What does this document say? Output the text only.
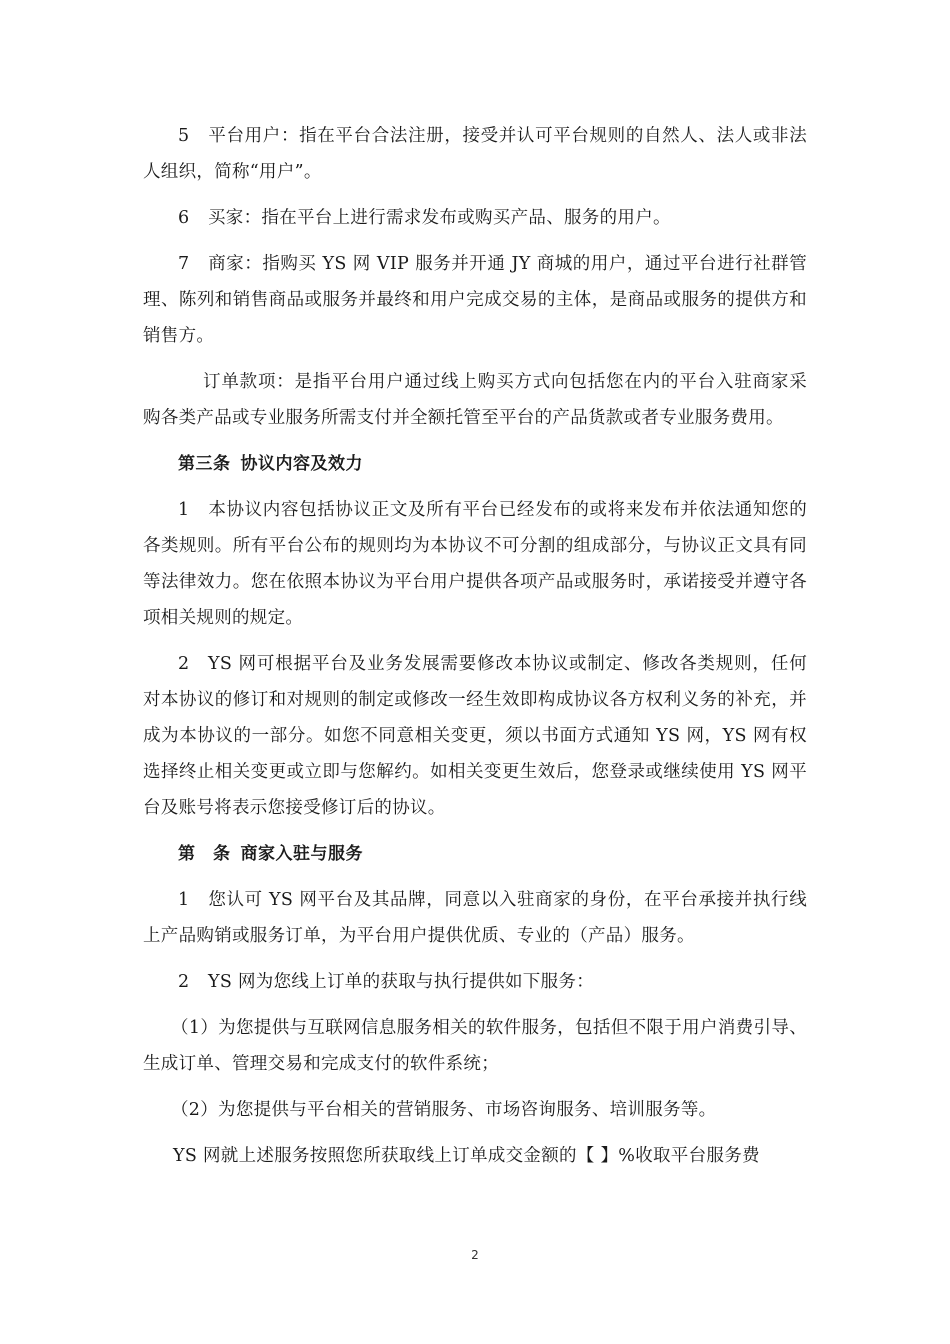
5 平台用户：指在平台合法注册，接受并认可平台规则的自然人、法人或非法人组织，简称“用户”。

6 买家：指在平台上进行需求发布或购买产品、服务的用户。

7 商家：指购买 YS 网 VIP 服务并开通 JY 商城的用户，通过平台进行社群管理、陈列和销售商品或服务并最终和用户完成交易的主体，是商品或服务的提供方和销售方。

订单款项：是指平台用户通过线上购买方式向包括您在内的平台入驻商家采购各类产品或专业服务所需支付并全额托管至平台的产品货款或者专业服务费用。

第三条 协议内容及效力

1 本协议内容包括协议正文及所有平台已经发布的或将来发布并依法通知您的各类规则。所有平台公布的规则均为本协议不可分割的组成部分，与协议正文具有同等法律效力。您在依照本协议为平台用户提供各项产品或服务时，承诺接受并遵守各项相关规则的规定。

2 YS 网可根据平台及业务发展需要修改本协议或制定、修改各类规则，任何对本协议的修订和对规则的制定或修改一经生效即构成协议各方权利义务的补充，并成为本协议的一部分。如您不同意相关变更，须以书面方式通知 YS 网，YS 网有权选择终止相关变更或立即与您解约。如相关变更生效后，您登录或继续使用 YS 网平台及账号将表示您接受修订后的协议。

第　条 商家入驻与服务

1 您认可 YS 网平台及其品牌，同意以入驻商家的身份，在平台承接并执行线上产品购销或服务订单，为平台用户提供优质、专业的（产品）服务。

2 YS 网为您线上订单的获取与执行提供如下服务：

（1）为您提供与互联网信息服务相关的软件服务，包括但不限于用户消费引导、生成订单、管理交易和完成支付的软件系统；

（2）为您提供与平台相关的营销服务、市场咨询服务、培训服务等。

YS 网就上述服务按照您所获取线上订单成交金额的【 】%收取平台服务费

2
